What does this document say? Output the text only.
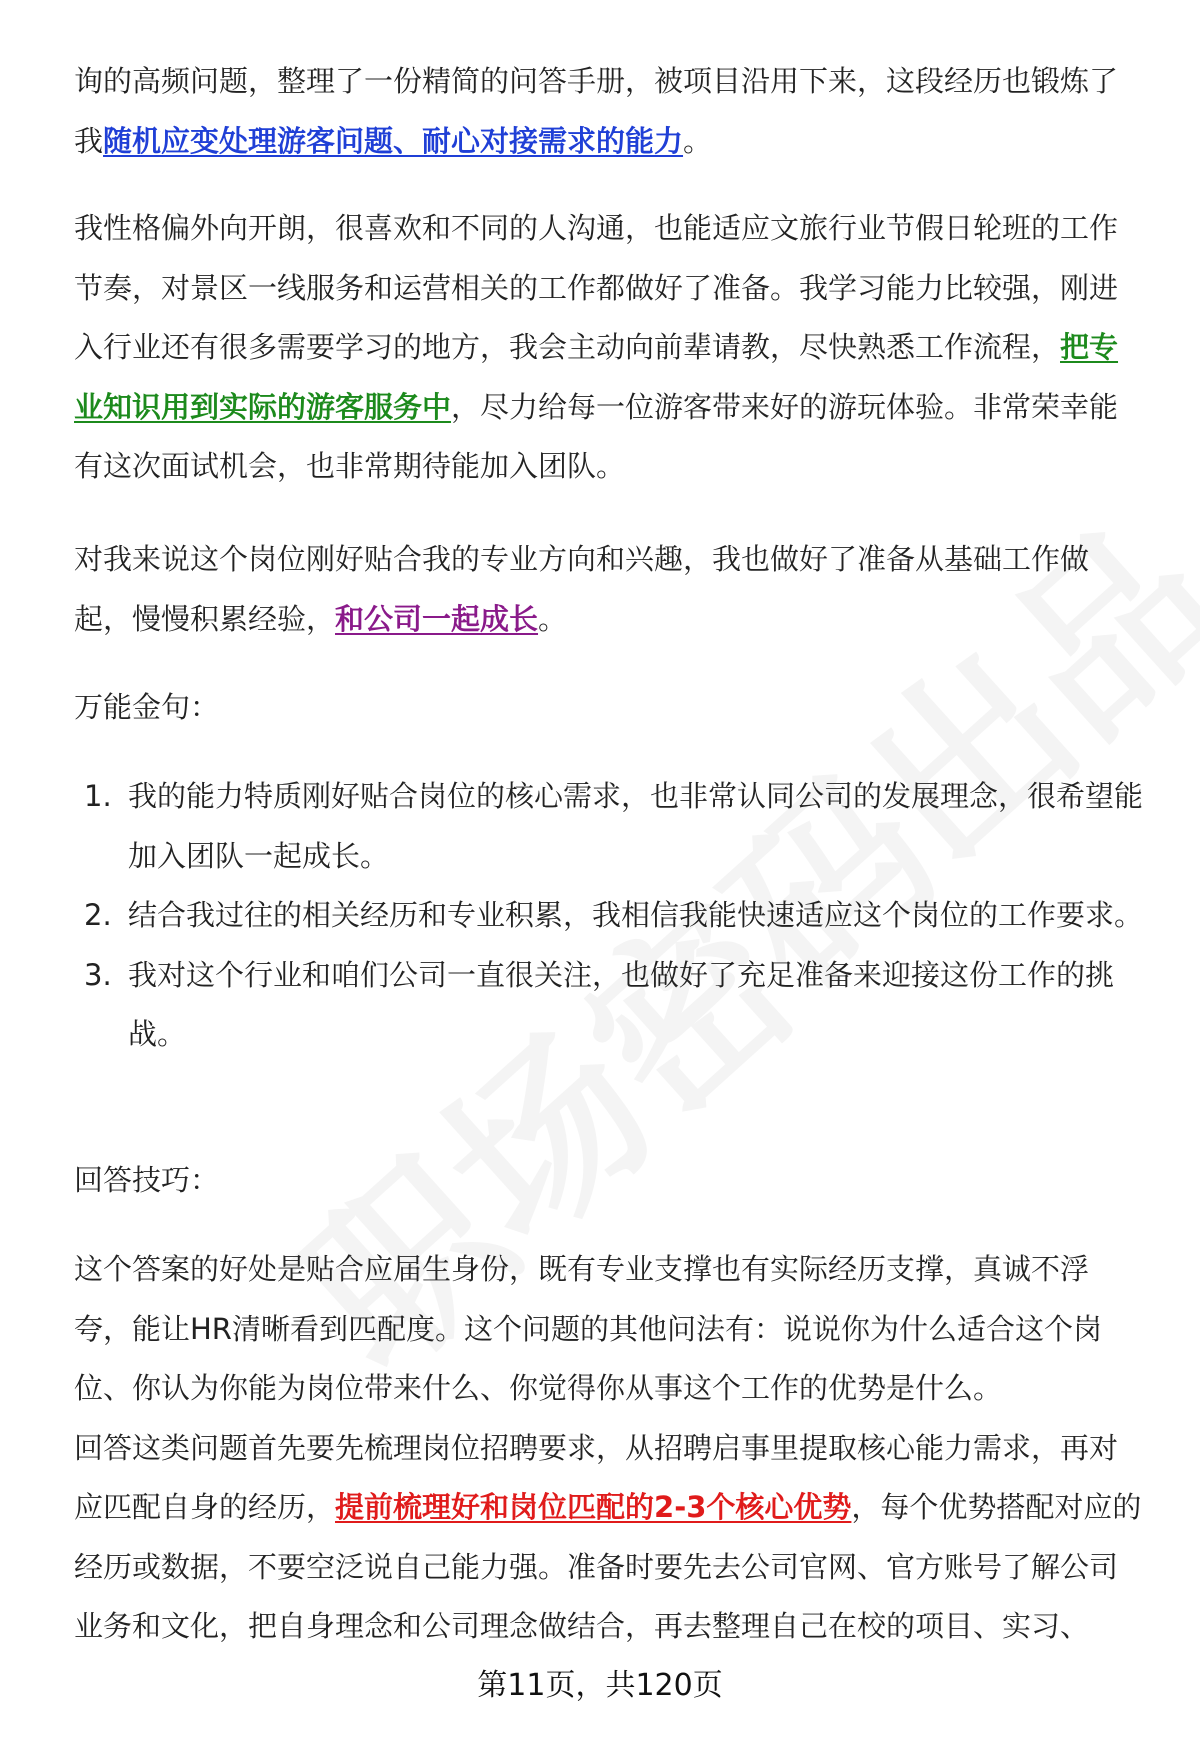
询的高频问题，整理了一份精简的问答手册，被项目沿用下来，这段经历也锻炼了我随机应变处理游客问题、耐心对接需求的能力。

我性格偏外向开朗，很喜欢和不同的人沟通，也能适应文旅行业节假日轮班的工作节奏，对景区一线服务和运营相关的工作都做好了准备。我学习能力比较强，刚进入行业还有很多需要学习的地方，我会主动向前辈请教，尽快熟悉工作流程，把专业知识用到实际的游客服务中，尽力给每一位游客带来好的游玩体验。非常荣幸能有这次面试机会，也非常期待能加入团队。

对我来说这个岗位刚好贴合我的专业方向和兴趣，我也做好了准备从基础工作做起，慢慢积累经验，和公司一起成长。

万能金句：

1. 我的能力特质刚好贴合岗位的核心需求，也非常认同公司的发展理念，很希望能加入团队一起成长。
2. 结合我过往的相关经历和专业积累，我相信我能快速适应这个岗位的工作要求。
3. 我对这个行业和咱们公司一直很关注，也做好了充足准备来迎接这份工作的挑战。

回答技巧：

这个答案的好处是贴合应届生身份，既有专业支撑也有实际经历支撑，真诚不浮夸，能让HR清晰看到匹配度。这个问题的其他问法有：说说你为什么适合这个岗位、你认为你能为岗位带来什么、你觉得你从事这个工作的优势是什么。

回答这类问题首先要先梳理岗位招聘要求，从招聘启事里提取核心能力需求，再对应匹配自身的经历，提前梳理好和岗位匹配的2-3个核心优势，每个优势搭配对应的经历或数据，不要空泛说自己能力强。准备时要先去公司官网、官方账号了解公司业务和文化，把自身理念和公司理念做结合，再去整理自己在校的项目、实习、

第11页，共120页
